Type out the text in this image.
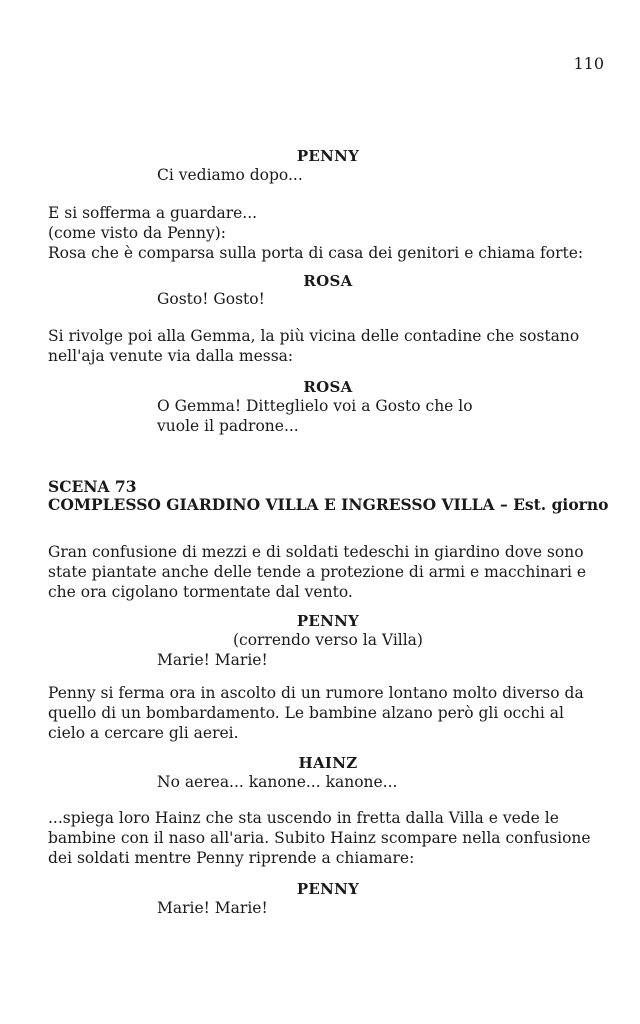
110
PENNY
Ci vediamo dopo...
E si sofferma a guardare...
(come visto da Penny):
Rosa che è comparsa sulla porta di casa dei genitori e chiama forte:
ROSA
Gosto! Gosto!
Si rivolge poi alla Gemma, la più vicina delle contadine che sostano
nell'aja venute via dalla messa:
ROSA
O Gemma! Ditteglielo voi a Gosto che lo
vuole il padrone...
SCENA 73
COMPLESSO GIARDINO VILLA E INGRESSO VILLA – Est. giorno
Gran confusione di mezzi e di soldati tedeschi in giardino dove sono
state piantate anche delle tende a protezione di armi e macchinari e
che ora cigolano tormentate dal vento.
PENNY
(correndo verso la Villa)
Marie! Marie!
Penny si ferma ora in ascolto di un rumore lontano molto diverso da
quello di un bombardamento. Le bambine alzano però gli occhi al
cielo a cercare gli aerei.
HAINZ
No aerea... kanone... kanone...
...spiega loro Hainz che sta uscendo in fretta dalla Villa e vede le
bambine con il naso all'aria. Subito Hainz scompare nella confusione
dei soldati mentre Penny riprende a chiamare:
PENNY
Marie! Marie!
